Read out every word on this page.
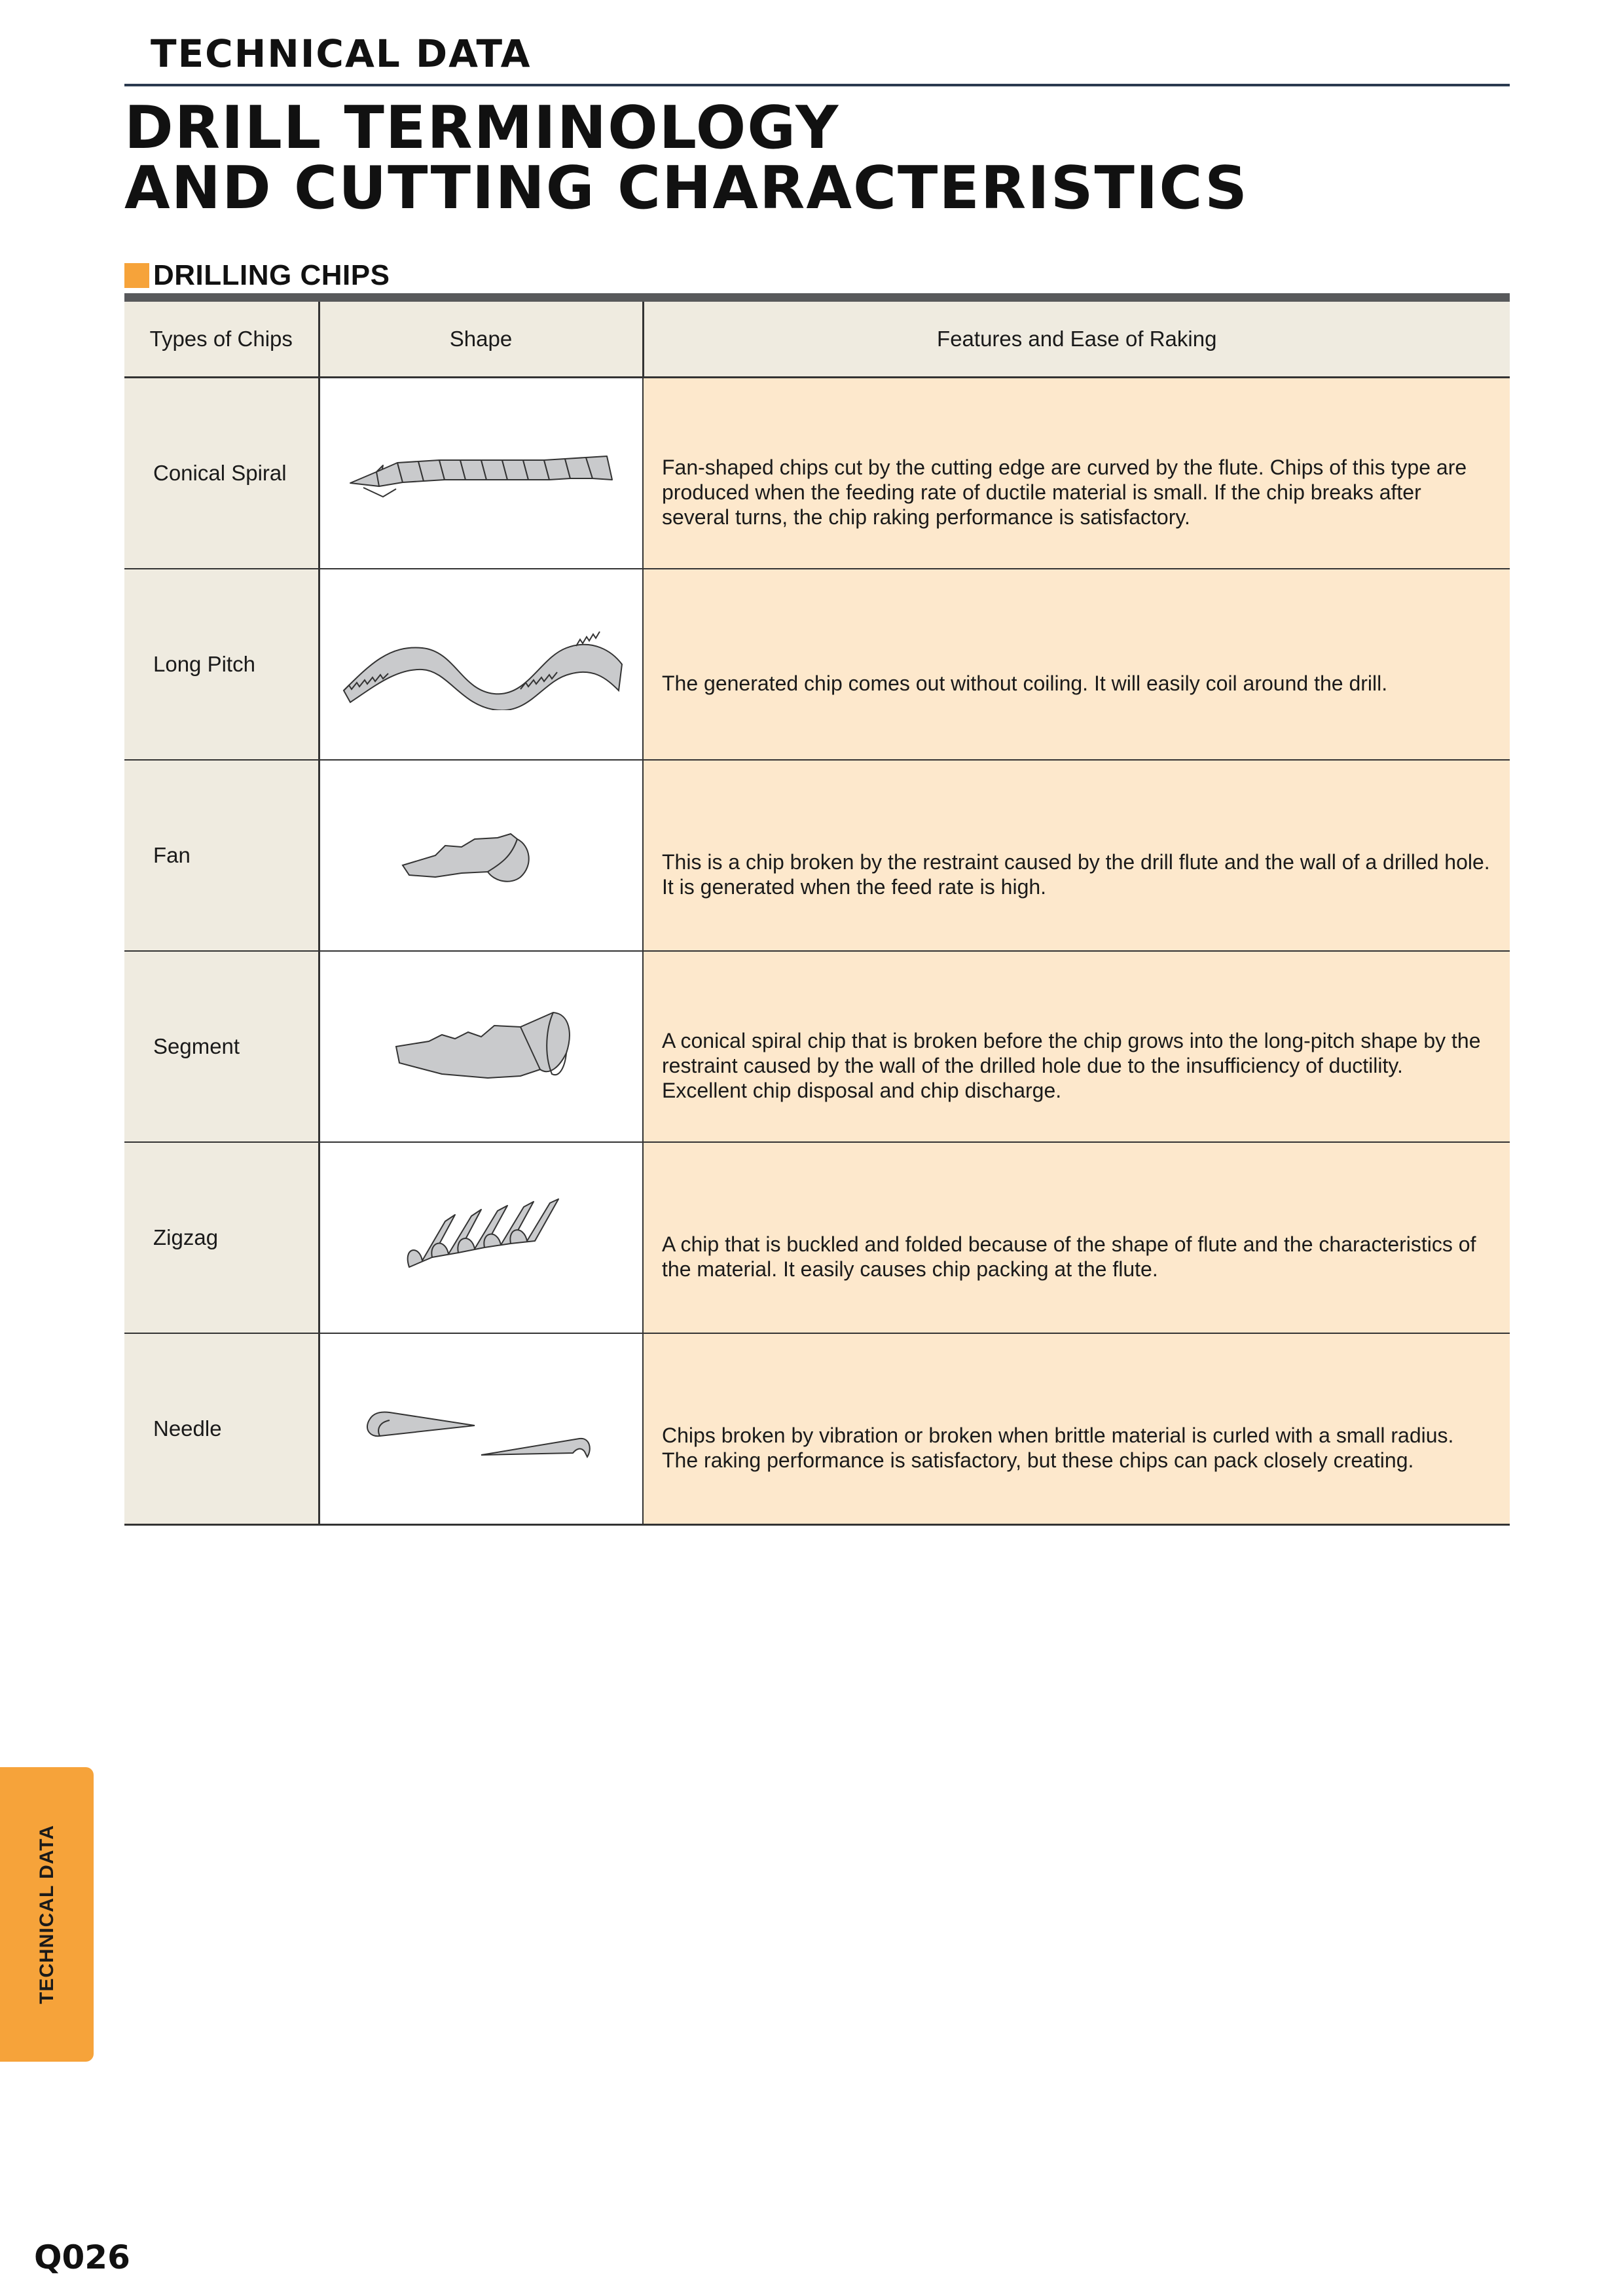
TECHNICAL DATA
DRILL TERMINOLOGY
AND CUTTING CHARACTERISTICS
DRILLING CHIPS
Types of Chips	Shape	Features and Ease of Raking
Conical Spiral		Fan-shaped chips cut by the cutting edge are curved by the flute. Chips of this type are produced when the feeding rate of ductile material is small. If the chip breaks after several turns, the chip raking performance is satisfactory.
Long Pitch		The generated chip comes out without coiling. It will easily coil around the drill.
Fan		This is a chip broken by the restraint caused by the drill flute and the wall of a drilled hole. It is generated when the feed rate is high.
Segment		A conical spiral chip that is broken before the chip grows into the long-pitch shape by the restraint caused by the wall of the drilled hole due to the insufficiency of ductility. Excellent chip disposal and chip discharge.
Zigzag		A chip that is buckled and folded because of the shape of flute and the characteristics of the material. It easily causes chip packing at the flute.
Needle		Chips broken by vibration or broken when brittle material is curled with a small radius. The raking performance is satisfactory, but these chips can pack closely creating.
TECHNICAL DATA
Q026
